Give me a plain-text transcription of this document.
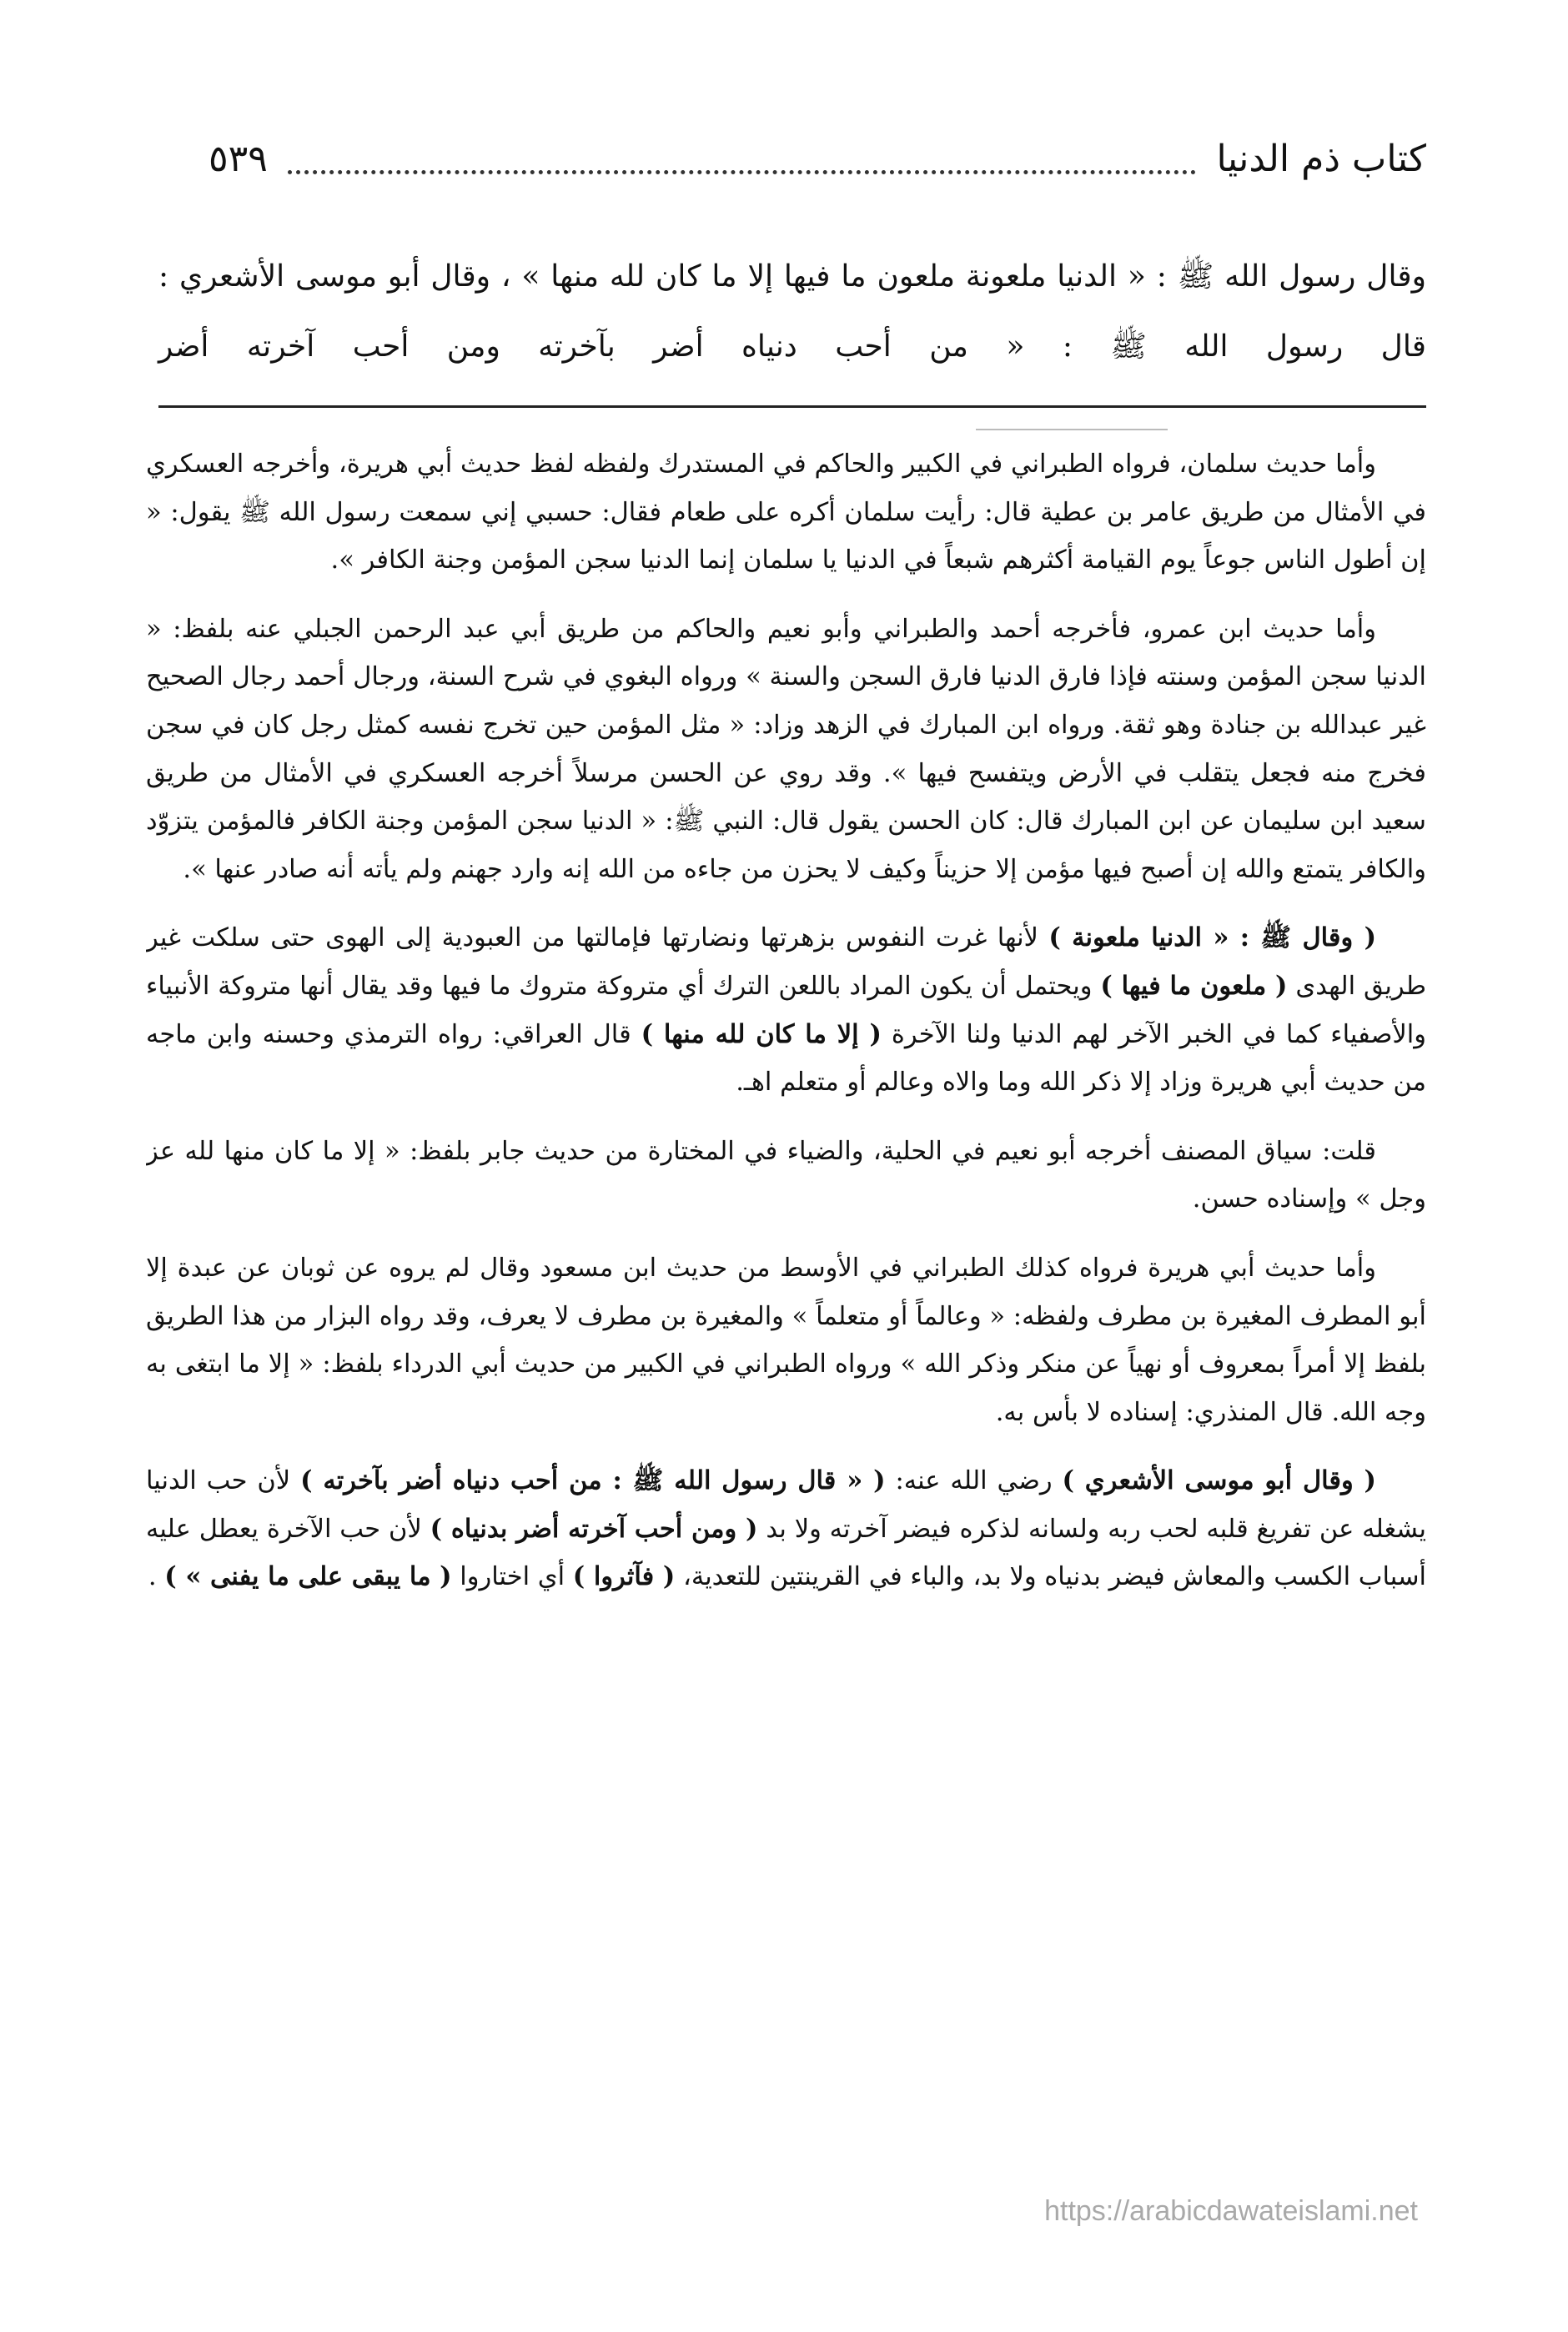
كتاب ذم الدنيا
٥٣٩
وقال رسول الله ﷺ : « الدنيا ملعونة ملعون ما فيها إلا ما كان لله منها » ، وقال أبو موسى الأشعري : قال رسول الله ﷺ : « من أحب دنياه أضر بآخرته ومن أحب آخرته أضر

وأما حديث سلمان، فرواه الطبراني في الكبير والحاكم في المستدرك ولفظه لفظ حديث أبي هريرة، وأخرجه العسكري في الأمثال من طريق عامر بن عطية قال: رأيت سلمان أكره على طعام فقال: حسبي إني سمعت رسول الله ﷺ يقول: « إن أطول الناس جوعاً يوم القيامة أكثرهم شبعاً في الدنيا يا سلمان إنما الدنيا سجن المؤمن وجنة الكافر ».

وأما حديث ابن عمرو، فأخرجه أحمد والطبراني وأبو نعيم والحاكم من طريق أبي عبد الرحمن الجبلي عنه بلفظ: « الدنيا سجن المؤمن وسنته فإذا فارق الدنيا فارق السجن والسنة » ورواه البغوي في شرح السنة، ورجال أحمد رجال الصحيح غير عبدالله بن جنادة وهو ثقة. ورواه ابن المبارك في الزهد وزاد: « مثل المؤمن حين تخرج نفسه كمثل رجل كان في سجن فخرج منه فجعل يتقلب في الأرض ويتفسح فيها ». وقد روي عن الحسن مرسلاً أخرجه العسكري في الأمثال من طريق سعيد ابن سليمان عن ابن المبارك قال: كان الحسن يقول قال: النبي ﷺ: « الدنيا سجن المؤمن وجنة الكافر فالمؤمن يتزوّد والكافر يتمتع والله إن أصبح فيها مؤمن إلا حزيناً وكيف لا يحزن من جاءه من الله إنه وارد جهنم ولم يأته أنه صادر عنها ».

( وقال ﷺ : « الدنيا ملعونة ) لأنها غرت النفوس بزهرتها ونضارتها فإمالتها من العبودية إلى الهوى حتى سلكت غير طريق الهدى ( ملعون ما فيها ) ويحتمل أن يكون المراد باللعن الترك أي متروكة متروك ما فيها وقد يقال أنها متروكة الأنبياء والأصفياء كما في الخبر الآخر لهم الدنيا ولنا الآخرة ( إلا ما كان لله منها ) قال العراقي: رواه الترمذي وحسنه وابن ماجه من حديث أبي هريرة وزاد إلا ذكر الله وما والاه وعالم أو متعلم اهـ.

قلت: سياق المصنف أخرجه أبو نعيم في الحلية، والضياء في المختارة من حديث جابر بلفظ: « إلا ما كان منها لله عز وجل » وإسناده حسن.

وأما حديث أبي هريرة فرواه كذلك الطبراني في الأوسط من حديث ابن مسعود وقال لم يروه عن ثوبان عن عبدة إلا أبو المطرف المغيرة بن مطرف ولفظه: « وعالماً أو متعلماً » والمغيرة بن مطرف لا يعرف، وقد رواه البزار من هذا الطريق بلفظ إلا أمراً بمعروف أو نهياً عن منكر وذكر الله » ورواه الطبراني في الكبير من حديث أبي الدرداء بلفظ: « إلا ما ابتغى به وجه الله. قال المنذري: إسناده لا بأس به.

( وقال أبو موسى الأشعري ) رضي الله عنه: ( « قال رسول الله ﷺ : من أحب دنياه أضر بآخرته ) لأن حب الدنيا يشغله عن تفريغ قلبه لحب ربه ولسانه لذكره فيضر آخرته ولا بد ( ومن أحب آخرته أضر بدنياه ) لأن حب الآخرة يعطل عليه أسباب الكسب والمعاش فيضر بدنياه ولا بد، والباء في القرينتين للتعدية، ( فآثروا ) أي اختاروا ( ما يبقى على ما يفنى » ) .

https://arabicdawateislami.net
